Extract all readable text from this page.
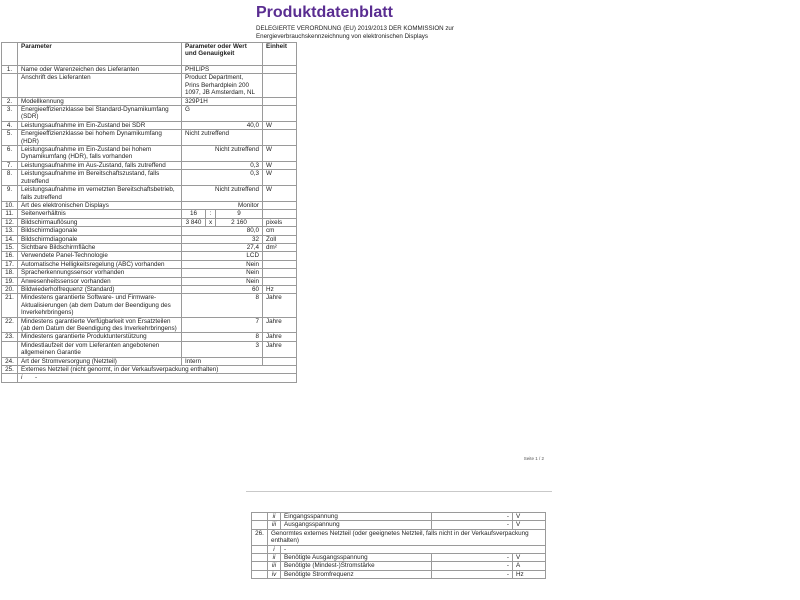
Produktdatenblatt
DELEGIERTE VERORDNUNG (EU) 2019/2013 DER KOMMISSION zur Energieverbrauchskennzeichnung von elektronischen Displays
Seite 1 / 2
	Parameter	Parameter oder Wert und Genauigkeit			Einheit
1.	Name oder Warenzeichen des Lieferanten	PHILIPS			
	Anschrift des Lieferanten	Product Department, Prins Berhardplein 200 1097, JB Amsterdam, NL			
2.	Modellkennung	329P1H			
3.	Energieeffizienzklasse bei Standard-Dynamikumfang (SDR)	G			
4.	Leistungsaufnahme im Ein-Zustand bei SDR	40,0			W
5.	Energieeffizienzklasse bei hohem Dynamikumfang (HDR)	Nicht zutreffend			
6.	Leistungsaufnahme im Ein-Zustand bei hohem Dynamikumfang (HDR), falls vorhanden	Nicht zutreffend			W
7.	Leistungsaufnahme im Aus-Zustand, falls zutreffend	0,3			W
8.	Leistungsaufnahme im Bereitschaftszustand, falls zutreffend	0,3			W
9.	Leistungsaufnahme im vernetzten Bereitschaftsbetrieb, falls zutreffend	Nicht zutreffend			W
10.	Art des elektronischen Displays	Monitor			
11.	Seitenverhältnis	16	:	9	
12.	Bildschirmauflösung	3 840	x	2 160	pixels
13.	Bildschirmdiagonale	80,0			cm
14.	Bildschirmdiagonale	32			Zoll
15.	Sichtbare Bildschirmfläche	27,4			dm²
16.	Verwendete Panel-Technologie	LCD			
17.	Automatische Helligkeitsregelung (ABC) vorhanden	Nein			
18.	Spracherkennungssensor vorhanden	Nein			
19.	Anwesenheitssensor vorhanden	Nein			
20.	Bildwiederholfrequenz (Standard)	60			Hz
21.	Mindestens garantierte Software- und Firmware-Aktualisierungen (ab dem Datum der Beendigung des Inverkehrbringens)	8			Jahre
22.	Mindestens garantierte Verfügbarkeit von Ersatzteilen (ab dem Datum der Beendigung des Inverkehrbringens)	7			Jahre
23.	Mindestens garantierte Produktunterstützung	8			Jahre
	Mindestlaufzeit der vom Lieferanten angebotenen allgemeinen Garantie	3			Jahre
24.	Art der Stromversorgung (Netzteil)	Intern			
25.	Externes Netzteil (nicht genormt, in der Verkaufsverpackung enthalten)				
	i -				
	ii	Eingangsspannung	-	V
	iii	Ausgangsspannung	-	V
26.	Genormtes externes Netzteil (oder geeignetes Netzteil, falls nicht in der Verkaufsverpackung enthalten)			
	i	-		
	ii	Benötigte Ausgangsspannung	-	V
	iii	Benötigte (Mindest-)Stromstärke	-	A
	iv	Benötigte Stromfrequenz	-	Hz
